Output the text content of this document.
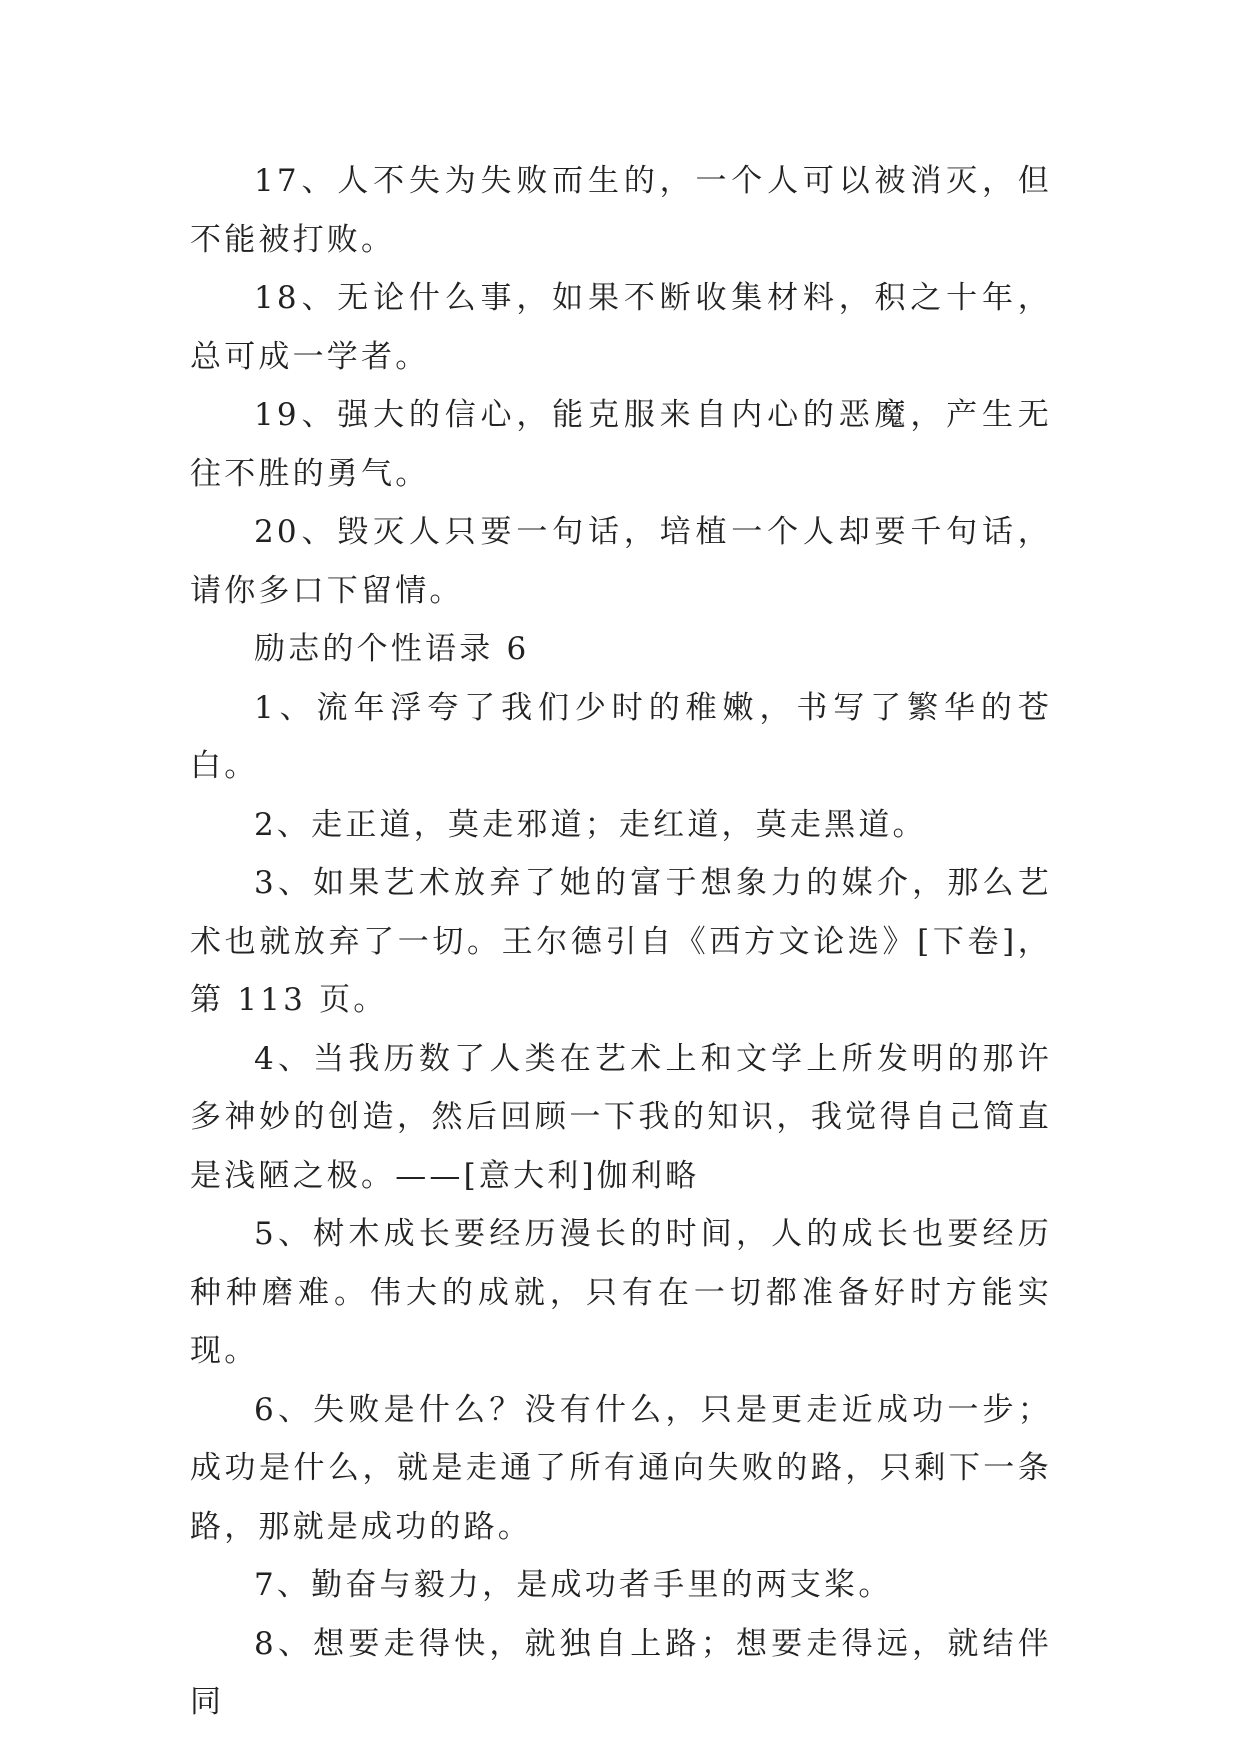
17、人不失为失败而生的，一个人可以被消灭，但不能被打败。

18、无论什么事，如果不断收集材料，积之十年，总可成一学者。

19、强大的信心，能克服来自内心的恶魔，产生无往不胜的勇气。

20、毁灭人只要一句话，培植一个人却要千句话，请你多口下留情。

励志的个性语录 6

1、流年浮夸了我们少时的稚嫩，书写了繁华的苍白。

2、走正道，莫走邪道；走红道，莫走黑道。

3、如果艺术放弃了她的富于想象力的媒介，那么艺术也就放弃了一切。王尔德引自《西方文论选》[下卷]，第 113 页。

4、当我历数了人类在艺术上和文学上所发明的那许多神妙的创造，然后回顾一下我的知识，我觉得自己简直是浅陋之极。——[意大利]伽利略

5、树木成长要经历漫长的时间，人的成长也要经历种种磨难。伟大的成就，只有在一切都准备好时方能实现。

6、失败是什么？没有什么，只是更走近成功一步；成功是什么，就是走通了所有通向失败的路，只剩下一条路，那就是成功的路。

7、勤奋与毅力，是成功者手里的两支桨。

8、想要走得快，就独自上路；想要走得远，就结伴同
